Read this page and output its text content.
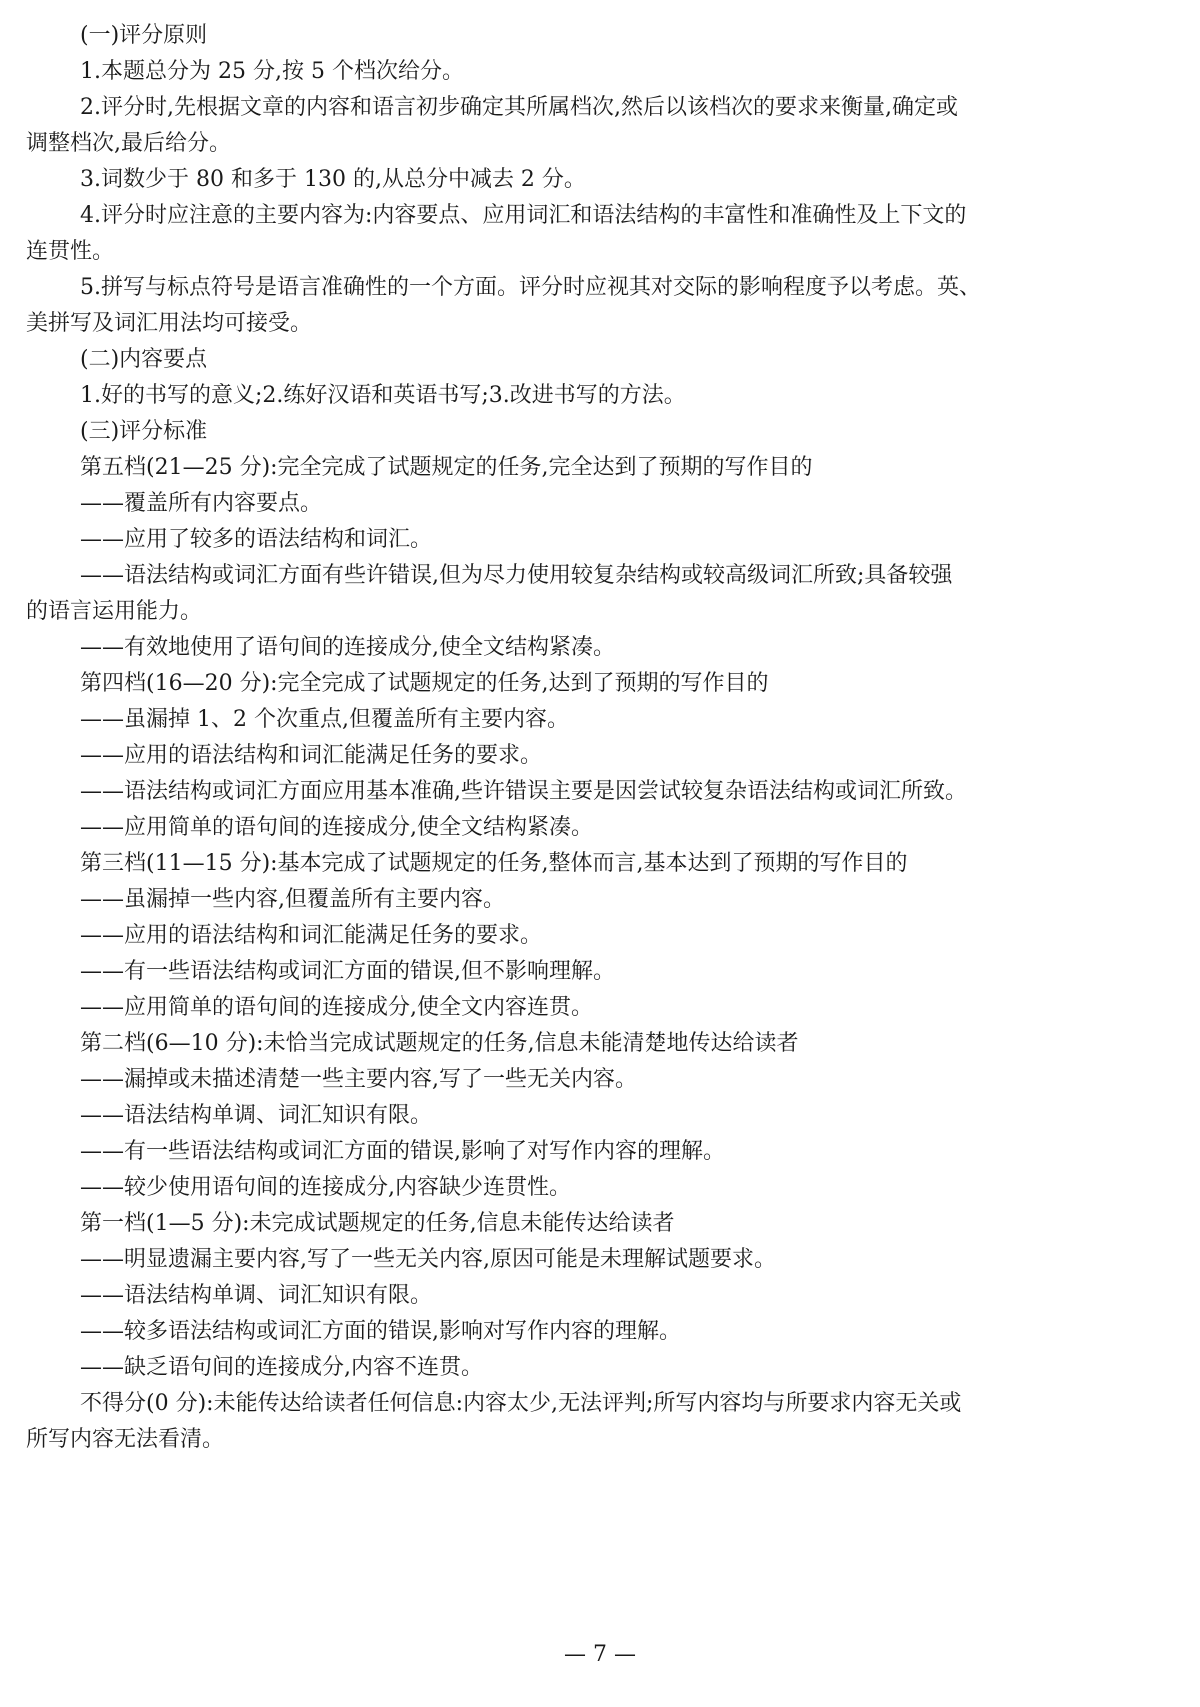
(一)评分原则

1.本题总分为 25 分,按 5 个档次给分。

2.评分时,先根据文章的内容和语言初步确定其所属档次,然后以该档次的要求来衡量,确定或

调整档次,最后给分。

3.词数少于 80 和多于 130 的,从总分中减去 2 分。

4.评分时应注意的主要内容为:内容要点、应用词汇和语法结构的丰富性和准确性及上下文的

连贯性。

5.拼写与标点符号是语言准确性的一个方面。评分时应视其对交际的影响程度予以考虑。英、

美拼写及词汇用法均可接受。

(二)内容要点

1.好的书写的意义;2.练好汉语和英语书写;3.改进书写的方法。

(三)评分标准

第五档(21—25 分):完全完成了试题规定的任务,完全达到了预期的写作目的

——覆盖所有内容要点。

——应用了较多的语法结构和词汇。

——语法结构或词汇方面有些许错误,但为尽力使用较复杂结构或较高级词汇所致;具备较强

的语言运用能力。

——有效地使用了语句间的连接成分,使全文结构紧凑。

第四档(16—20 分):完全完成了试题规定的任务,达到了预期的写作目的

——虽漏掉 1、2 个次重点,但覆盖所有主要内容。

——应用的语法结构和词汇能满足任务的要求。

——语法结构或词汇方面应用基本准确,些许错误主要是因尝试较复杂语法结构或词汇所致。

——应用简单的语句间的连接成分,使全文结构紧凑。

第三档(11—15 分):基本完成了试题规定的任务,整体而言,基本达到了预期的写作目的

——虽漏掉一些内容,但覆盖所有主要内容。

——应用的语法结构和词汇能满足任务的要求。

——有一些语法结构或词汇方面的错误,但不影响理解。

——应用简单的语句间的连接成分,使全文内容连贯。

第二档(6—10 分):未恰当完成试题规定的任务,信息未能清楚地传达给读者

——漏掉或未描述清楚一些主要内容,写了一些无关内容。

——语法结构单调、词汇知识有限。

——有一些语法结构或词汇方面的错误,影响了对写作内容的理解。

——较少使用语句间的连接成分,内容缺少连贯性。

第一档(1—5 分):未完成试题规定的任务,信息未能传达给读者

——明显遗漏主要内容,写了一些无关内容,原因可能是未理解试题要求。

——语法结构单调、词汇知识有限。

——较多语法结构或词汇方面的错误,影响对写作内容的理解。

——缺乏语句间的连接成分,内容不连贯。

不得分(0 分):未能传达给读者任何信息:内容太少,无法评判;所写内容均与所要求内容无关或

所写内容无法看清。

— 7 —
